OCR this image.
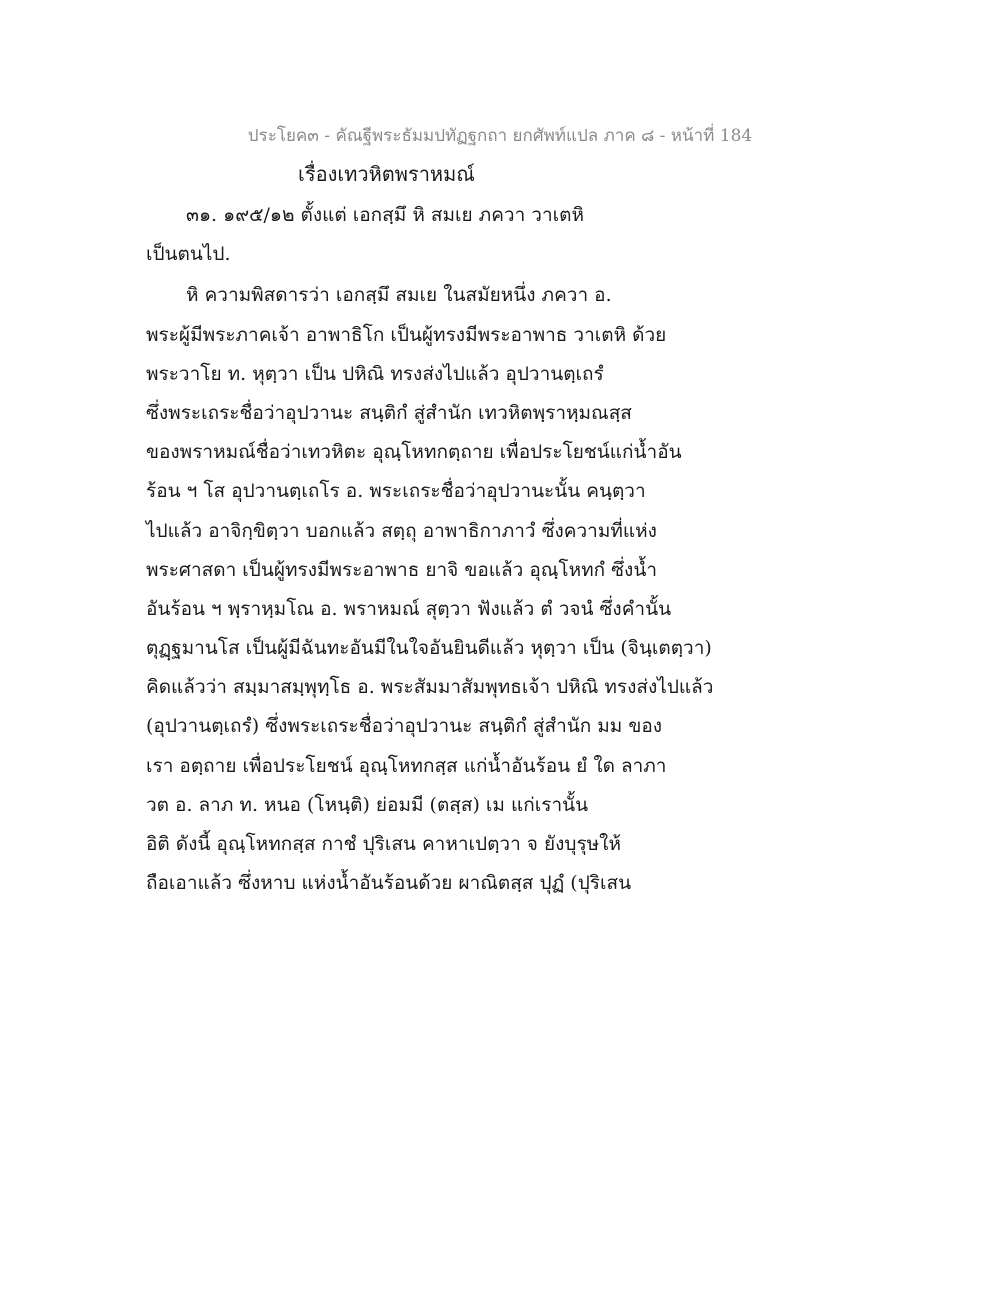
ประโยค๓ - คัณฐีพระธัมมปทัฏฐกถา ยกศัพท์แปล ภาค ๘ - หน้าที่ 184
เรื่องเทวหิตพราหมณ์
๓๑. ๑๙๕/๑๒ ตั้งแต่ เอกสฺมึ หิ สมเย ภควา วาเตหิ
เป็นตนไป.
หิ ความพิสดารว่า เอกสฺมึ สมเย ในสมัยหนึ่ง ภควา อ.
พระผู้มีพระภาคเจ้า อาพาธิโก เป็นผู้ทรงมีพระอาพาธ วาเตหิ ด้วย
พระวาโย ท. หุตฺวา เป็น ปหิณิ ทรงส่งไปแล้ว อุปวานตฺเถรํ
ซึ่งพระเถระชื่อว่าอุปวานะ สนฺติกํ สู่สำนัก เทวหิตพฺราหฺมณสฺส
ของพราหมณ์ชื่อว่าเทวหิตะ อุณฺโหทกตฺถาย เพื่อประโยชน์แก่น้ำอัน
ร้อน ฯ โส อุปวานตฺเถโร อ. พระเถระชื่อว่าอุปวานะนั้น คนฺตฺวา
ไปแล้ว อาจิกฺขิตฺวา บอกแล้ว สตฺถุ อาพาธิกาภาวํ ซึ่งความที่แห่ง
พระศาสดา เป็นผู้ทรงมีพระอาพาธ ยาจิ ขอแล้ว อุณฺโหทกํ ซึ่งน้ำ
อันร้อน ฯ พฺราหฺมโณ อ. พราหมณ์ สุตฺวา ฟังแล้ว ตํ วจนํ ซึ่งคำนั้น
ตุฏฺฐมานโส เป็นผู้มีฉันทะอันมีในใจอันยินดีแล้ว หุตฺวา เป็น (จินฺเตตฺวา)
คิดแล้วว่า สมฺมาสมฺพุทฺโธ อ. พระสัมมาสัมพุทธเจ้า ปหิณิ ทรงส่งไปแล้ว
(อุปวานตฺเถรํ) ซึ่งพระเถระชื่อว่าอุปวานะ สนฺติกํ สู่สำนัก มม ของ
เรา อตฺถาย เพื่อประโยชน์ อุณฺโหทกสฺส แก่น้ำอันร้อน ยํ ใด ลาภา
วต อ. ลาภ ท. หนอ (โหนฺติ) ย่อมมี (ตสฺส) เม แก่เรานั้น
อิติ ดังนี้ อุณฺโหทกสฺส กาชํ ปุริเสน คาหาเปตฺวา จ ยังบุรุษให้
ถือเอาแล้ว ซึ่งหาบ แห่งน้ำอันร้อนด้วย ผาณิตสฺส ปุฏํ (ปุริเสน
